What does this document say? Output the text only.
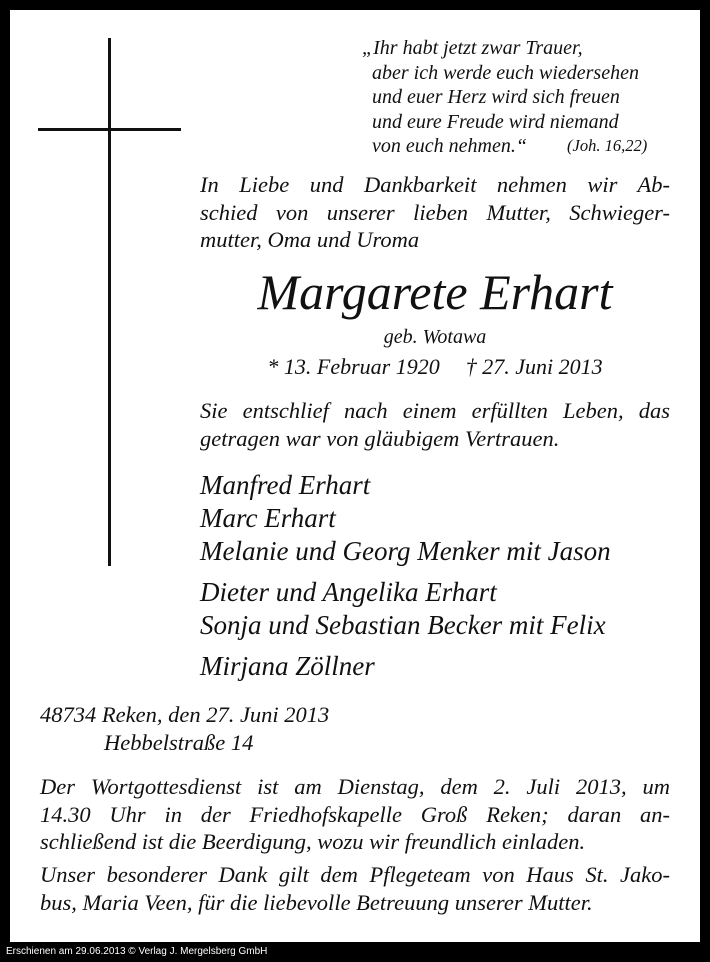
„Ihr habt jetzt zwar Trauer,
aber ich werde euch wiedersehen
und euer Herz wird sich freuen
und eure Freude wird niemand
von euch nehmen.“	(Joh. 16,22)
In Liebe und Dankbarkeit nehmen wir Ab-
schied von unserer lieben Mutter, Schwieger-
mutter, Oma und Uroma
Margarete Erhart
geb. Wotawa
* 13. Februar 1920 † 27. Juni 2013
Sie entschlief nach einem erfüllten Leben, das
getragen war von gläubigem Vertrauen.
Manfred Erhart
Marc Erhart
Melanie und Georg Menker mit Jason
Dieter und Angelika Erhart
Sonja und Sebastian Becker mit Felix
Mirjana Zöllner
48734 Reken, den 27. Juni 2013
Hebbelstraße 14
Der Wortgottesdienst ist am Dienstag, dem 2. Juli 2013, um
14.30 Uhr in der Friedhofskapelle Groß Reken; daran an-
schließend ist die Beerdigung, wozu wir freundlich einladen.
Unser besonderer Dank gilt dem Pflegeteam von Haus St. Jako-
bus, Maria Veen, für die liebevolle Betreuung unserer Mutter.
Erschienen am 29.06.2013 © Verlag J. Mergelsberg GmbH
